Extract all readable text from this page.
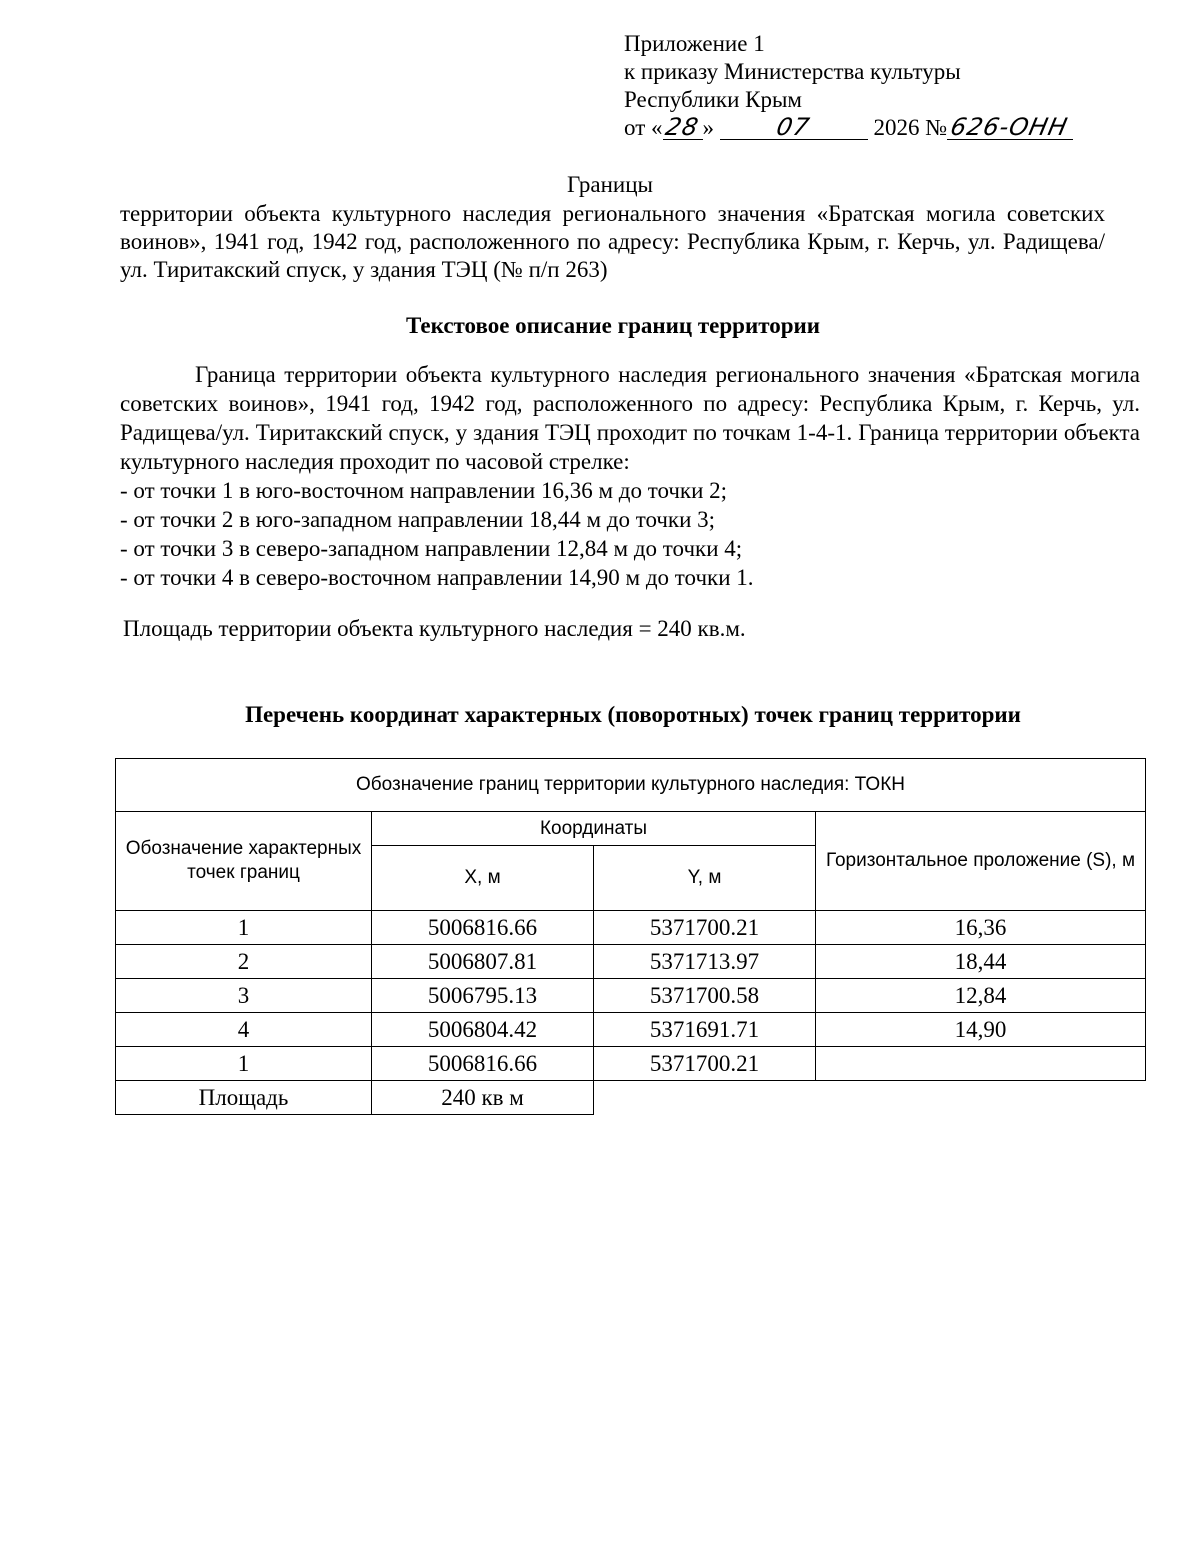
Приложение 1
к приказу Министерства культуры
Республики Крым
от «28»	07	2026 №626-ОНН
Границы
территории объекта культурного наследия регионального значения «Братская могила советских воинов», 1941 год, 1942 год, расположенного по адресу: Республика Крым, г. Керчь, ул. Радищева/ул. Тиритакский спуск, у здания ТЭЦ (№ п/п 263)
Текстовое описание границ территории
Граница территории объекта культурного наследия регионального значения «Братская могила советских воинов», 1941 год, 1942 год, расположенного по адресу: Республика Крым, г. Керчь, ул. Радищева/ул. Тиритакский спуск, у здания ТЭЦ проходит по точкам 1-4-1. Граница территории объекта культурного наследия проходит по часовой стрелке:
- от точки 1 в юго-восточном направлении 16,36 м до точки 2;
- от точки 2 в юго-западном направлении 18,44 м до точки 3;
- от точки 3 в северо-западном направлении 12,84 м до точки 4;
- от точки 4 в северо-восточном направлении 14,90 м до точки 1.
Площадь территории объекта культурного наследия = 240 кв.м.
Перечень координат характерных (поворотных) точек границ территории
Обозначение границ территории культурного наследия: ТОКН			
Обозначение характерных точек границ	Координаты		Горизонтальное проложение (S), м
	X, м	Y, м	
1	5006816.66	5371700.21	16,36
2	5006807.81	5371713.97	18,44
3	5006795.13	5371700.58	12,84
4	5006804.42	5371691.71	14,90
1	5006816.66	5371700.21	
Площадь	240 кв м		
